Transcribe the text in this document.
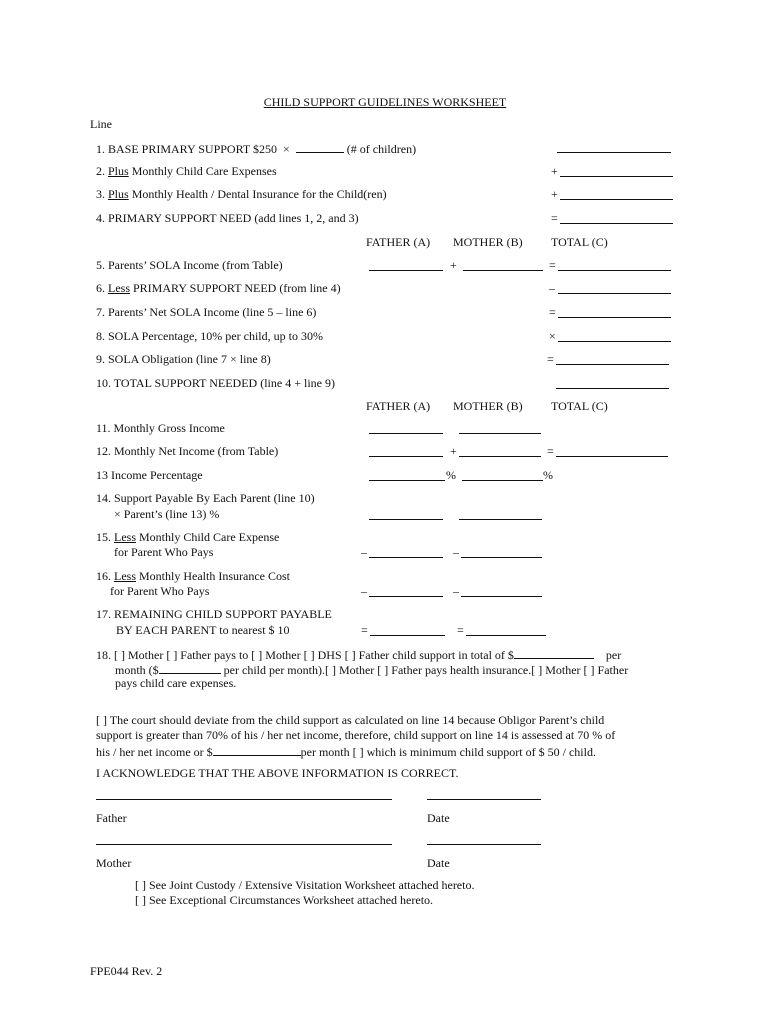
CHILD SUPPORT GUIDELINES WORKSHEET
Line
1. BASE PRIMARY SUPPORT $250 ×	(# of children)
2. Plus Monthly Child Care Expenses	+
3. Plus Monthly Health / Dental Insurance for the Child(ren)	+
4. PRIMARY SUPPORT NEED (add lines 1, 2, and 3)	=
FATHER (A) MOTHER (B) TOTAL (C)
5. Parents’ SOLA Income (from Table)	+	=
6. Less PRIMARY SUPPORT NEED (from line 4)	–
7. Parents’ Net SOLA Income (line 5 – line 6)	=
8. SOLA Percentage, 10% per child, up to 30%	×
9. SOLA Obligation (line 7 × line 8)	=
10. TOTAL SUPPORT NEEDED (line 4 + line 9)
FATHER (A) MOTHER (B) TOTAL (C)
11. Monthly Gross Income
12. Monthly Net Income (from Table)	+	=
13 Income Percentage	%	%
14. Support Payable By Each Parent (line 10)
× Parent’s (line 13) %
15. Less Monthly Child Care Expense
for Parent Who Pays	–	–
16. Less Monthly Health Insurance Cost
for Parent Who Pays	–	–
17. REMAINING CHILD SUPPORT PAYABLE
BY EACH PARENT to nearest $ 10	=	=
18. [ ] Mother [ ] Father pays to [ ] Mother [ ] DHS [ ] Father child support in total of $	per
month ($	per child per month).[ ] Mother [ ] Father pays health insurance.[ ] Mother [ ] Father
pays child care expenses.
[ ] The court should deviate from the child support as calculated on line 14 because Obligor Parent’s child
support is greater than 70% of his / her net income, therefore, child support on line 14 is assessed at 70 % of
his / her net income or $	per month [ ] which is minimum child support of $ 50 / child.
I ACKNOWLEDGE THAT THE ABOVE INFORMATION IS CORRECT.
Father	Date
Mother	Date
[ ] See Joint Custody / Extensive Visitation Worksheet attached hereto.
[ ] See Exceptional Circumstances Worksheet attached hereto.
FPE044 Rev. 2
